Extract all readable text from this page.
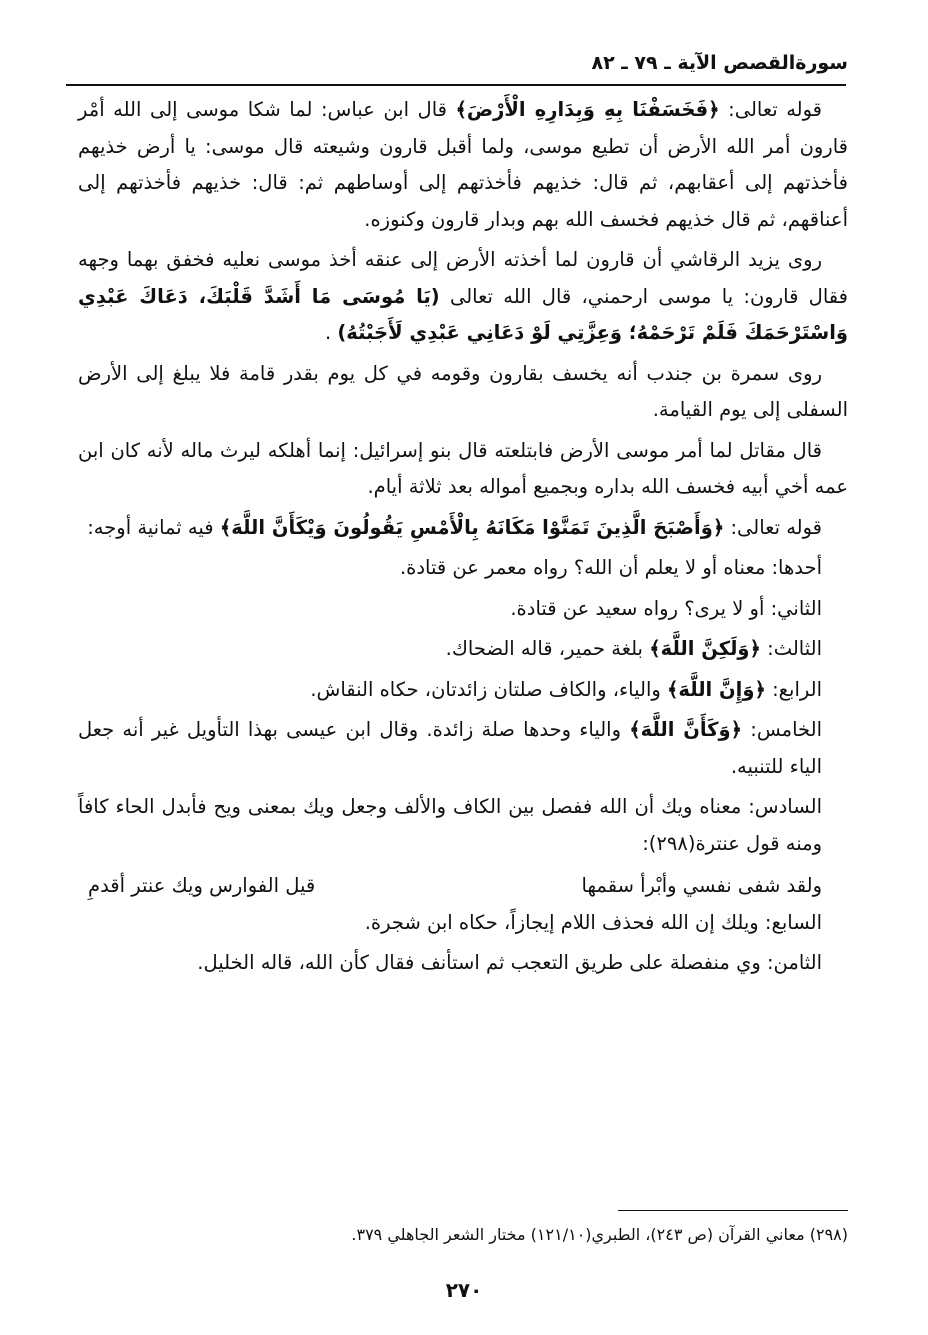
سورةالقصص الآية ـ ٧٩ ـ ٨٢

قوله تعالى: ﴿فَخَسَفْنَا بِهِ وَبِدَارِهِ الْأَرْضَ﴾ قال ابن عباس: لما شكا موسى إلى الله أمْر قارون أمر الله الأرض أن تطيع موسى، ولما أقبل قارون وشيعته قال موسى: يا أرض خذيهم فأخذتهم إلى أعقابهم، ثم قال: خذيهم فأخذتهم إلى أوساطهم ثم: قال: خذيهم فأخذتهم إلى أعناقهم، ثم قال خذيهم فخسف الله بهم وبدار قارون وكنوزه.

روى يزيد الرقاشي أن قارون لما أخذته الأرض إلى عنقه أخذ موسى نعليه فخفق بهما وجهه فقال قارون: يا موسى ارحمني، قال الله تعالى (يَا مُوسَى مَا أَشَدَّ قَلْبَكَ، دَعَاكَ عَبْدِي وَاسْتَرْحَمَكَ فَلَمْ تَرْحَمْهُ؛ وَعِزَّتِي لَوْ دَعَانِي عَبْدِي لَأَجَبْتُهُ) .

روى سمرة بن جندب أنه يخسف بقارون وقومه في كل يوم بقدر قامة فلا يبلغ إلى الأرض السفلى إلى يوم القيامة.

قال مقاتل لما أمر موسى الأرض فابتلعته قال بنو إسرائيل: إنما أهلكه ليرث ماله لأنه كان ابن عمه أخي أبيه فخسف الله بداره وبجميع أمواله بعد ثلاثة أيام.

قوله تعالى: ﴿وَأَصْبَحَ الَّذِينَ تَمَنَّوْا مَكَانَهُ بِالْأَمْسِ يَقُولُونَ وَيْكَأَنَّ اللَّهَ﴾ فيه ثمانية أوجه:

أحدها: معناه أو لا يعلم أن الله؟ رواه معمر عن قتادة.

الثاني: أو لا يرى؟ رواه سعيد عن قتادة.

الثالث: ﴿وَلَكِنَّ اللَّهَ﴾ بلغة حمير، قاله الضحاك.

الرابع: ﴿وَإِنَّ اللَّهَ﴾ والياء، والكاف صلتان زائدتان، حكاه النقاش.

الخامس: ﴿وَكَأَنَّ اللَّهَ﴾ والياء وحدها صلة زائدة. وقال ابن عيسى بهذا التأويل غير أنه جعل الياء للتنبيه.

السادس: معناه ويك أن الله ففصل بين الكاف والألف وجعل ويك بمعنى ويح فأبدل الحاء كافاً ومنه قول عنترة(٢٩٨):

ولقد شفى نفسي وأبْرأ سقمها
قيل الفوارس ويك عنتر أقدمِ

السابع: ويلك إن الله فحذف اللام إيجازاً، حكاه ابن شجرة.

الثامن: وي منفصلة على طريق التعجب ثم استأنف فقال كأن الله، قاله الخليل.

(٢٩٨) معاني القرآن (ص ٢٤٣)، الطبري(١٢١/١٠) مختار الشعر الجاهلي ٣٧٩.
٢٧٠
